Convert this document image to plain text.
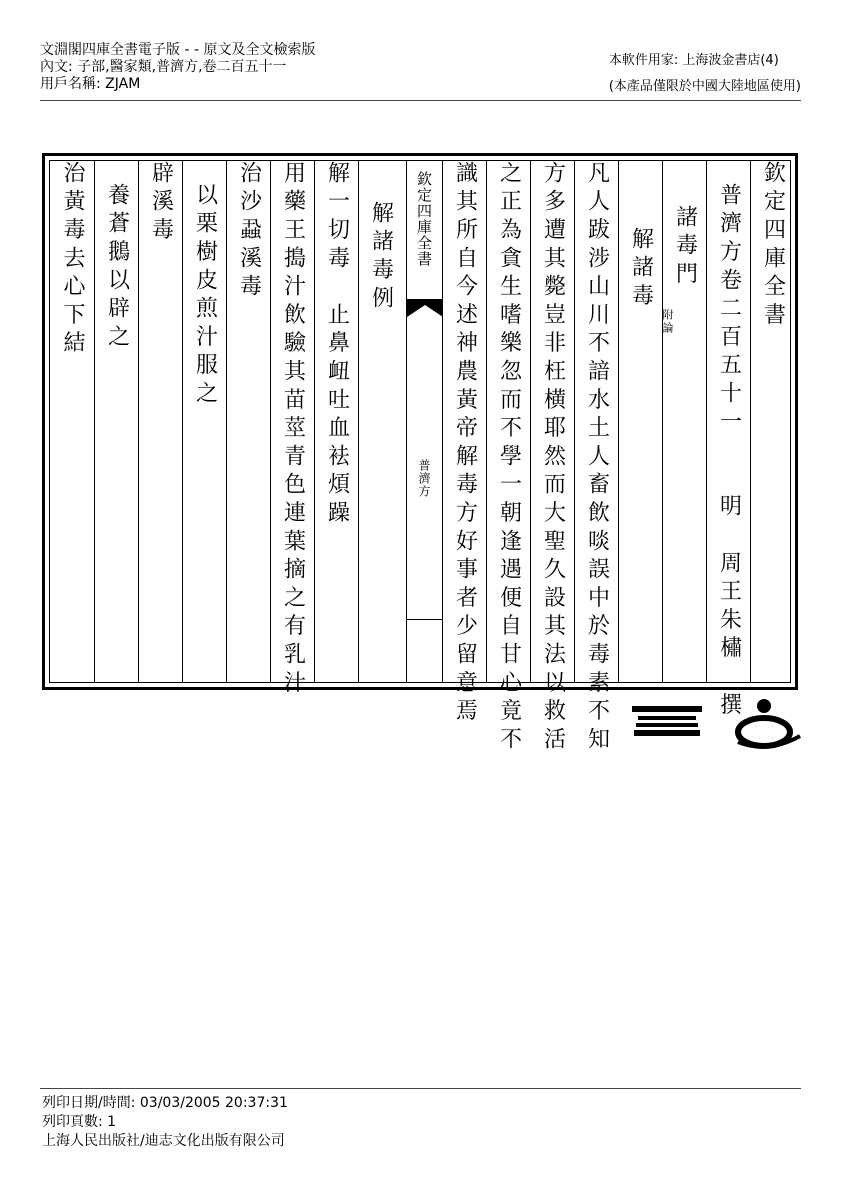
文淵閣四庫全書電子版 - - 原文及全文檢索版
內文: 子部,醫家類,普濟方,卷二百五十一
用戶名稱: ZJAM
本軟件用家: 上海波金書店(4)
(本產品僅限於中國大陸地區使用)
治黃毒去心下結 養蒼鵝以辟之 辟溪毒 以栗樹皮煎汁服之 治沙蝨溪毒 用藥王搗汁飲驗其苗莖青色連葉摘之有乳汁 解一切毒　止鼻衄吐血袪煩躁 解諸毒例	欽定四庫全書
普濟方 識其所自今述神農黃帝解毒方好事者少留意焉 之正為貪生嗜樂忽而不學一朝逢遇便自甘心竟不 方多遭其斃豈非枉横耶然而大聖久設其法以救活 凡人跋涉山川不諳水土人畜飲啖誤中於毒素不知 解諸毒
附論
諸毒門 普濟方卷二百五十一　　明　周王朱橚　撰 欽定四庫全書
列印日期/時間: 03/03/2005 20:37:31
列印頁數: 1
上海人民出版社/迪志文化出版有限公司
